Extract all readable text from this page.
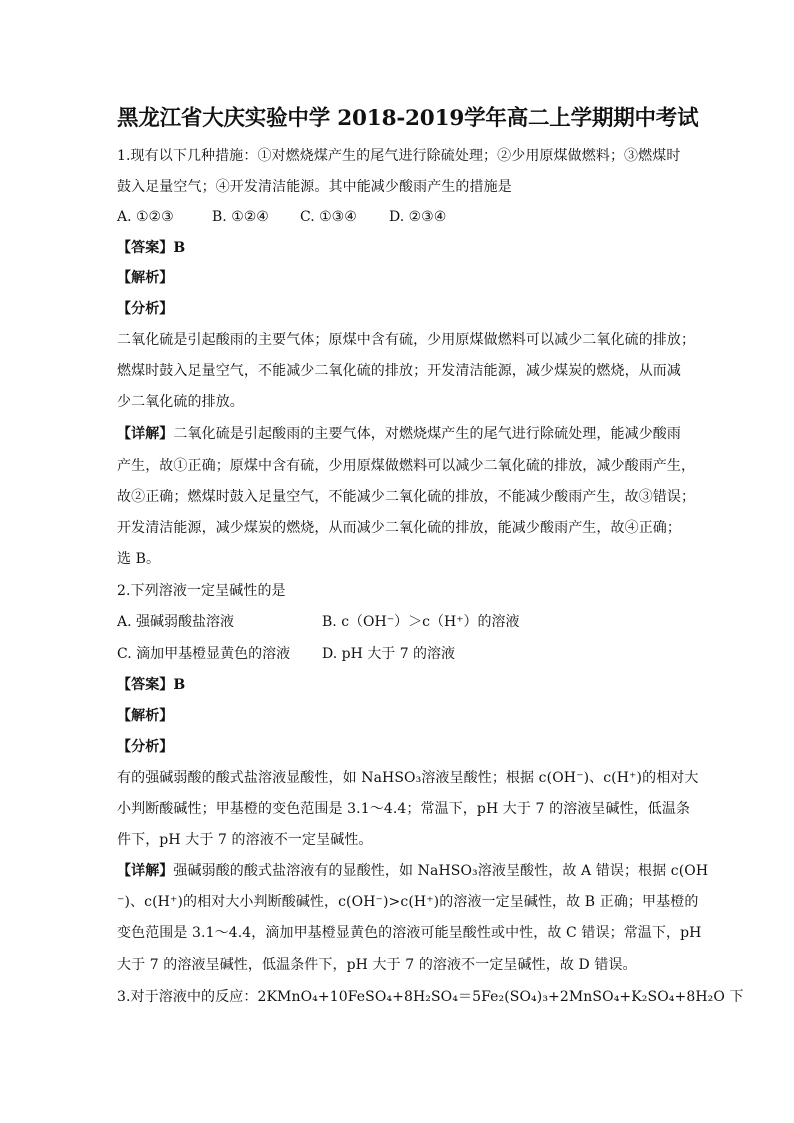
黑龙江省大庆实验中学 2018-2019学年高二上学期期中考试
1.现有以下几种措施：①对燃烧煤产生的尾气进行除硫处理；②少用原煤做燃料；③燃煤时
鼓入足量空气；④开发清洁能源。其中能减少酸雨产生的措施是
A. ①②③	B. ①②④ C. ①③④ D. ②③④
【答案】B
【解析】
【分析】
二氧化硫是引起酸雨的主要气体；原煤中含有硫，少用原煤做燃料可以减少二氧化硫的排放；
燃煤时鼓入足量空气，不能减少二氧化硫的排放；开发清洁能源，减少煤炭的燃烧，从而减
少二氧化硫的排放。
【详解】二氧化硫是引起酸雨的主要气体，对燃烧煤产生的尾气进行除硫处理，能减少酸雨
产生，故①正确；原煤中含有硫，少用原煤做燃料可以减少二氧化硫的排放，减少酸雨产生，
故②正确；燃煤时鼓入足量空气，不能减少二氧化硫的排放，不能减少酸雨产生，故③错误；
开发清洁能源，减少煤炭的燃烧，从而减少二氧化硫的排放，能减少酸雨产生，故④正确；
选 B。
2.下列溶液一定呈碱性的是
A. 强碱弱酸盐溶液	B. c（OH⁻）＞c（H⁺）的溶液
C. 滴加甲基橙显黄色的溶液 D. pH 大于 7 的溶液
【答案】B
【解析】
【分析】
有的强碱弱酸的酸式盐溶液显酸性，如 NaHSO₃溶液呈酸性；根据 c(OH⁻)、c(H⁺)的相对大
小判断酸碱性；甲基橙的变色范围是 3.1～4.4；常温下，pH 大于 7 的溶液呈碱性，低温条
件下，pH 大于 7 的溶液不一定呈碱性。
【详解】强碱弱酸的酸式盐溶液有的显酸性，如 NaHSO₃溶液呈酸性，故 A 错误；根据 c(OH
⁻)、c(H⁺)的相对大小判断酸碱性，c(OH⁻)>c(H⁺)的溶液一定呈碱性，故 B 正确；甲基橙的
变色范围是 3.1～4.4，滴加甲基橙显黄色的溶液可能呈酸性或中性，故 C 错误；常温下，pH
大于 7 的溶液呈碱性，低温条件下，pH 大于 7 的溶液不一定呈碱性，故 D 错误。
3.对于溶液中的反应：2KMnO₄+10FeSO₄+8H₂SO₄＝5Fe₂(SO₄)₃+2MnSO₄+K₂SO₄+8H₂O 下
